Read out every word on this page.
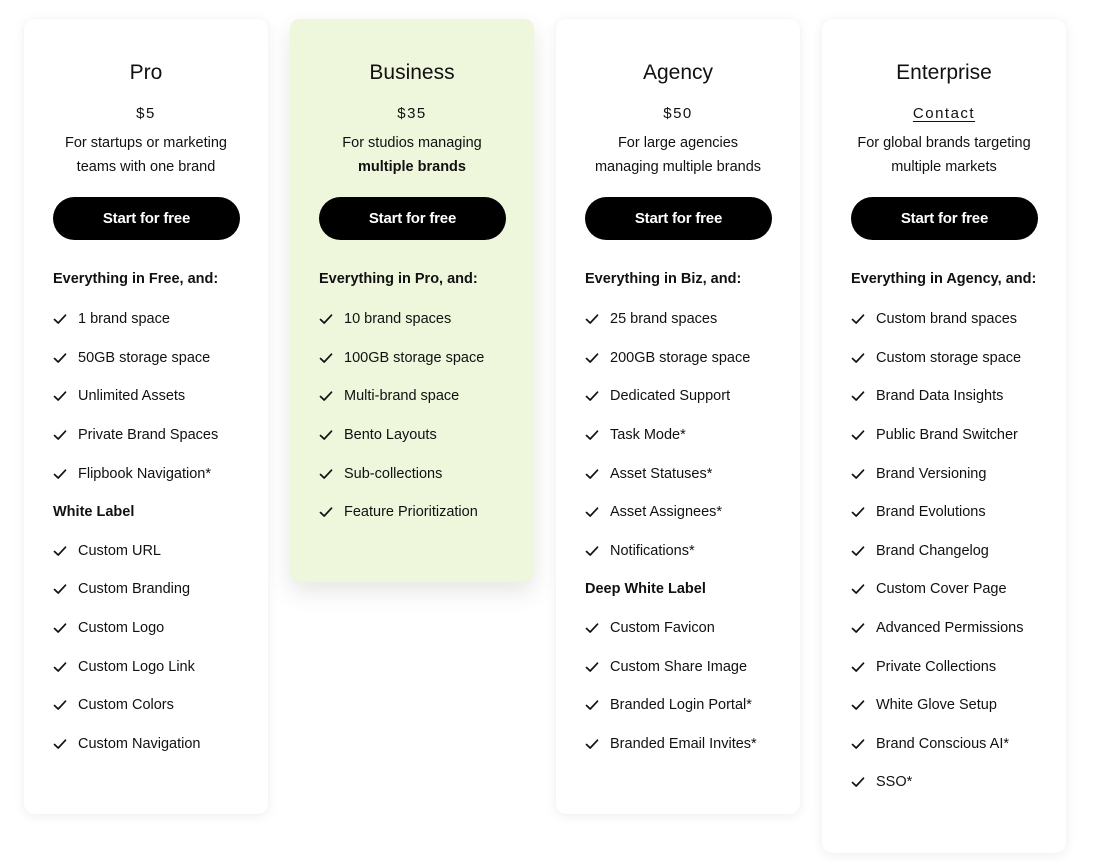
Pro
$5
For startups or marketing
teams with one brand
Start for free
Everything in Free, and:
1 brand space
50GB storage space
Unlimited Assets
Private Brand Spaces
Flipbook Navigation*
White Label
Custom URL
Custom Branding
Custom Logo
Custom Logo Link
Custom Colors
Custom Navigation
Business
$35
For studios managing
multiple brands
Start for free
Everything in Pro, and:
10 brand spaces
100GB storage space
Multi-brand space
Bento Layouts
Sub-collections
Feature Prioritization
Agency
$50
For large agencies
managing multiple brands
Start for free
Everything in Biz, and:
25 brand spaces
200GB storage space
Dedicated Support
Task Mode*
Asset Statuses*
Asset Assignees*
Notifications*
Deep White Label
Custom Favicon
Custom Share Image
Branded Login Portal*
Branded Email Invites*
Enterprise
Contact
For global brands targeting
multiple markets
Start for free
Everything in Agency, and:
Custom brand spaces
Custom storage space
Brand Data Insights
Public Brand Switcher
Brand Versioning
Brand Evolutions
Brand Changelog
Custom Cover Page
Advanced Permissions
Private Collections
White Glove Setup
Brand Conscious AI*
SSO*
